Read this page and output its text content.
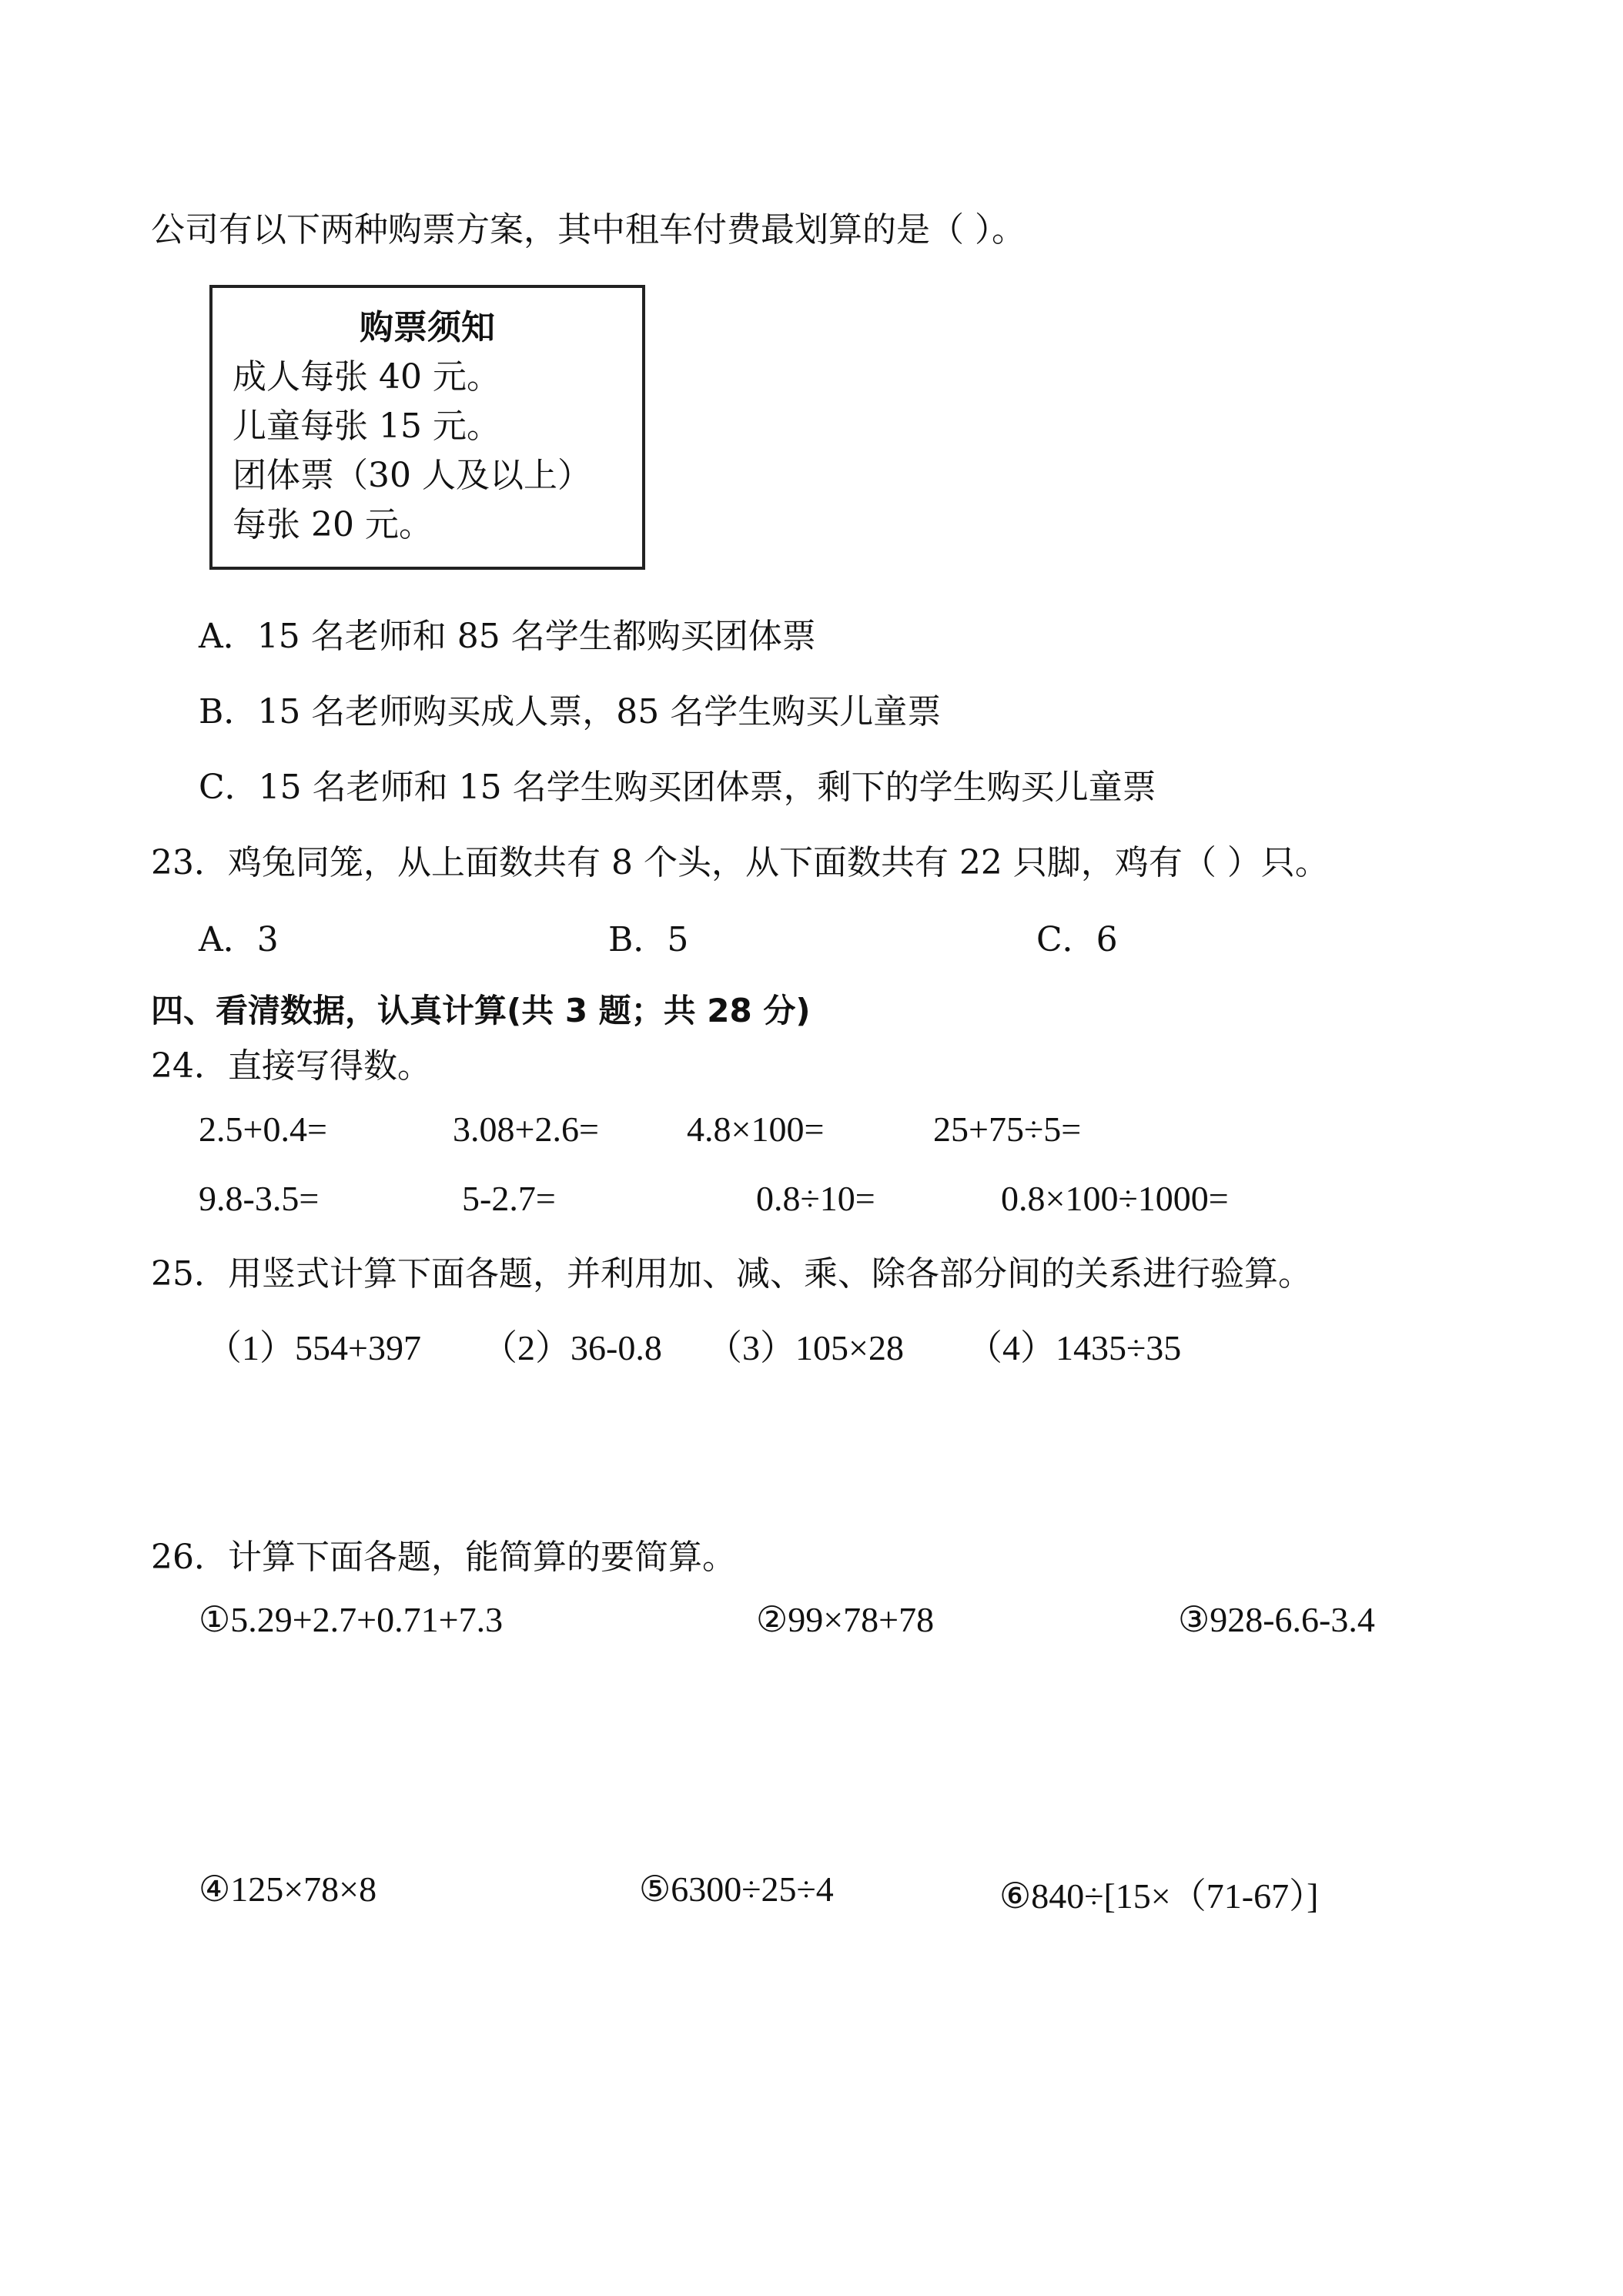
公司有以下两种购票方案，其中租车付费最划算的是（ ）。
购票须知
成人每张 40 元。
儿童每张 15 元。
团体票（30 人及以上）
每张 20 元。
A．15 名老师和 85 名学生都购买团体票
B．15 名老师购买成人票，85 名学生购买儿童票
C．15 名老师和 15 名学生购买团体票，剩下的学生购买儿童票
23．鸡兔同笼，从上面数共有 8 个头，从下面数共有 22 只脚，鸡有（ ）只。
A．3	B．5	C．6
四、看清数据，认真计算(共 3 题；共 28 分)
24．直接写得数。
2.5+0.4=	3.08+2.6= 4.8×100=	25+75÷5=
9.8-3.5=	5-2.7=	0.8÷10=	0.8×100÷1000=
25．用竖式计算下面各题，并利用加、减、乘、除各部分间的关系进行验算。
（1）554+397 （2）36-0.8 （3）105×28 （4）1435÷35
26．计算下面各题，能简算的要简算。
①5.29+2.7+0.71+7.3	②99×78+78	③928-6.6-3.4
④125×78×8	⑤6300÷25÷4	⑥840÷[15×（71-67）]
